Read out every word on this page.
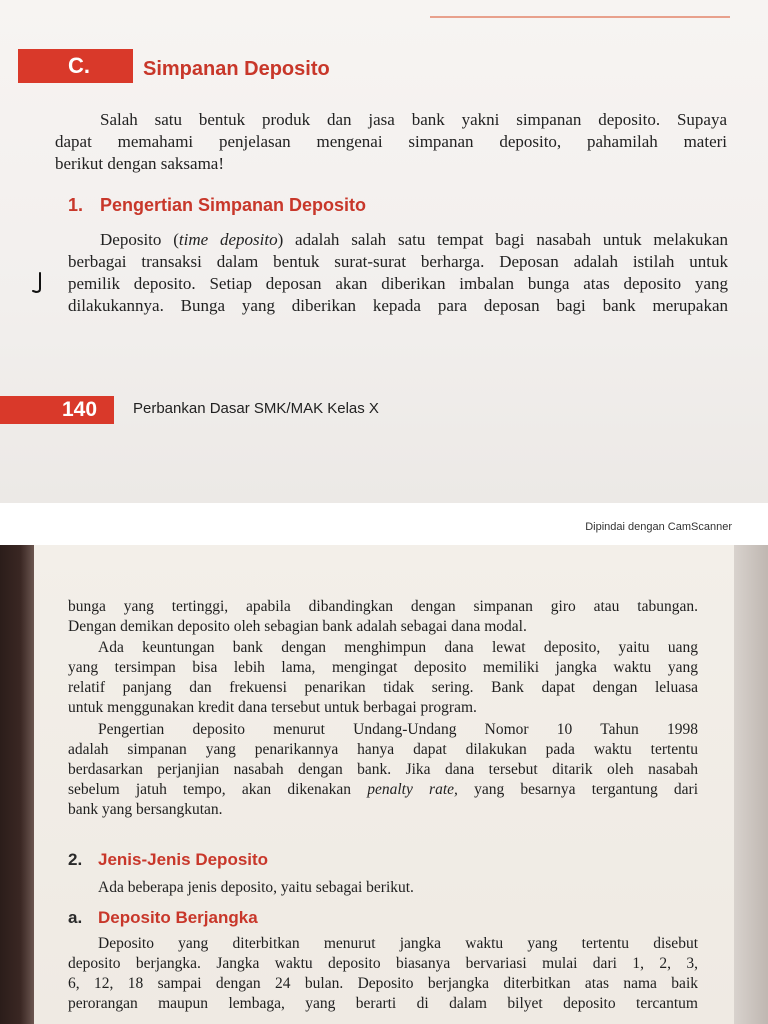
C.	Simpanan Deposito
Salah satu bentuk produk dan jasa bank yakni simpanan deposito. Supaya
dapat memahami penjelasan mengenai simpanan deposito, pahamilah materi
berikut dengan saksama!
1. Pengertian Simpanan Deposito
Deposito (time deposito) adalah salah satu tempat bagi nasabah untuk melakukan
berbagai transaksi dalam bentuk surat-surat berharga. Deposan adalah istilah untuk
pemilik deposito. Setiap deposan akan diberikan imbalan bunga atas deposito yang
dilakukannya. Bunga yang diberikan kepada para deposan bagi bank merupakan
140 Perbankan Dasar SMK/MAK Kelas X
Dipindai dengan CamScanner
bunga yang tertinggi, apabila dibandingkan dengan simpanan giro atau tabungan.
Dengan demikan deposito oleh sebagian bank adalah sebagai dana modal.
Ada keuntungan bank dengan menghimpun dana lewat deposito, yaitu uang
yang tersimpan bisa lebih lama, mengingat deposito memiliki jangka waktu yang
relatif panjang dan frekuensi penarikan tidak sering. Bank dapat dengan leluasa
untuk menggunakan kredit dana tersebut untuk berbagai program.
Pengertian deposito menurut Undang-Undang Nomor 10 Tahun 1998
adalah simpanan yang penarikannya hanya dapat dilakukan pada waktu tertentu
berdasarkan perjanjian nasabah dengan bank. Jika dana tersebut ditarik oleh nasabah
sebelum jatuh tempo, akan dikenakan penalty rate, yang besarnya tergantung dari
bank yang bersangkutan.
2. Jenis-Jenis Deposito
Ada beberapa jenis deposito, yaitu sebagai berikut.
a. Deposito Berjangka
Deposito yang diterbitkan menurut jangka waktu yang tertentu disebut
deposito berjangka. Jangka waktu deposito biasanya bervariasi mulai dari 1, 2, 3,
6, 12, 18 sampai dengan 24 bulan. Deposito berjangka diterbitkan atas nama baik
perorangan maupun lembaga, yang berarti di dalam bilyet deposito tercantum
